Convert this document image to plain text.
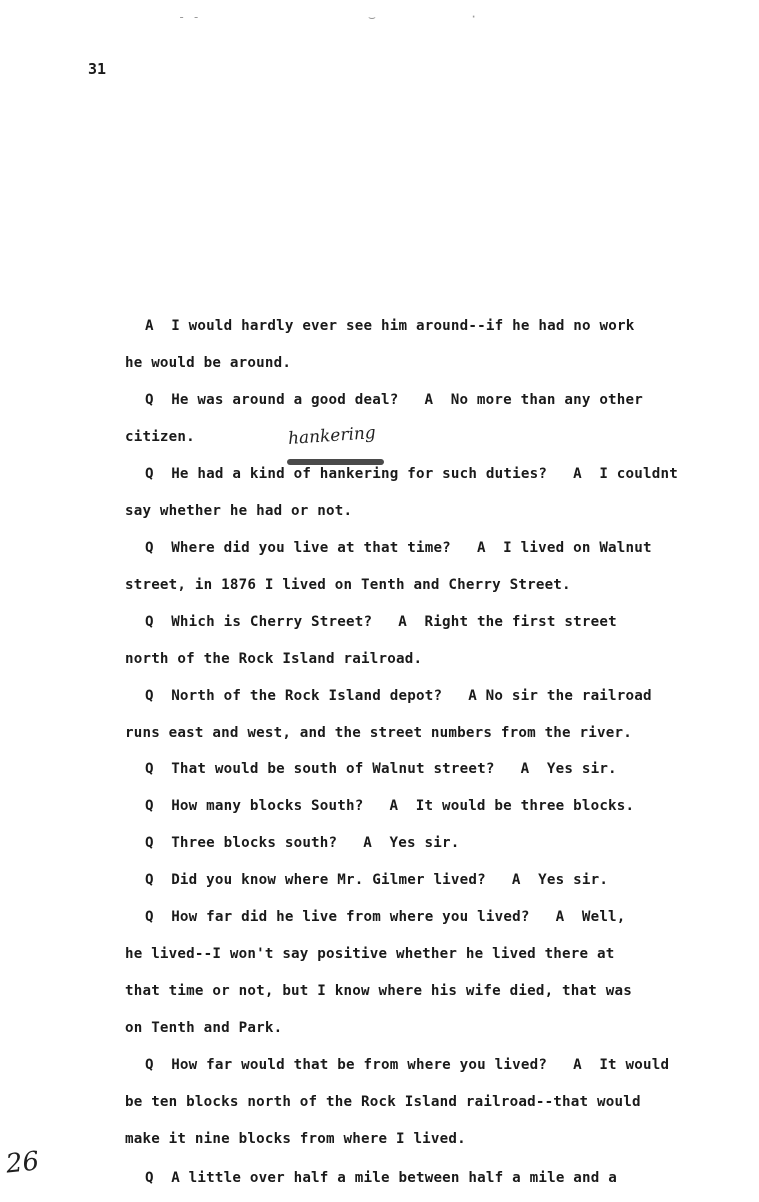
- -	⌣	·
31
hankering

A  I would hardly ever see him around--if he had no work

he would be around.

Q  He was around a good deal? A  No more than any other

citizen.

Q  He had a kind of hankering for such duties? A  I couldnt

say whether he had or not.

Q  Where did you live at that time? A  I lived on Walnut

street, in 1876 I lived on Tenth and Cherry Street.

Q  Which is Cherry Street? A  Right the first street

north of the Rock Island railroad.

Q  North of the Rock Island depot? A No sir the railroad

runs east and west, and the street numbers from the river.

Q  That would be south of Walnut street? A  Yes sir.

Q  How many blocks South? A  It would be three blocks.

Q  Three blocks south? A  Yes sir.

Q  Did you know where Mr. Gilmer lived? A  Yes sir.

Q  How far did he live from where you lived? A  Well,

he lived--I won't say positive whether he lived there at

that time or not, but I know where his wife died, that was

on Tenth and Park.

Q  How far would that be from where you lived? A  It would

be ten blocks north of the Rock Island railroad--that would

make it nine blocks from where I lived.

Q  A little over half a mile between half a mile and a

26
